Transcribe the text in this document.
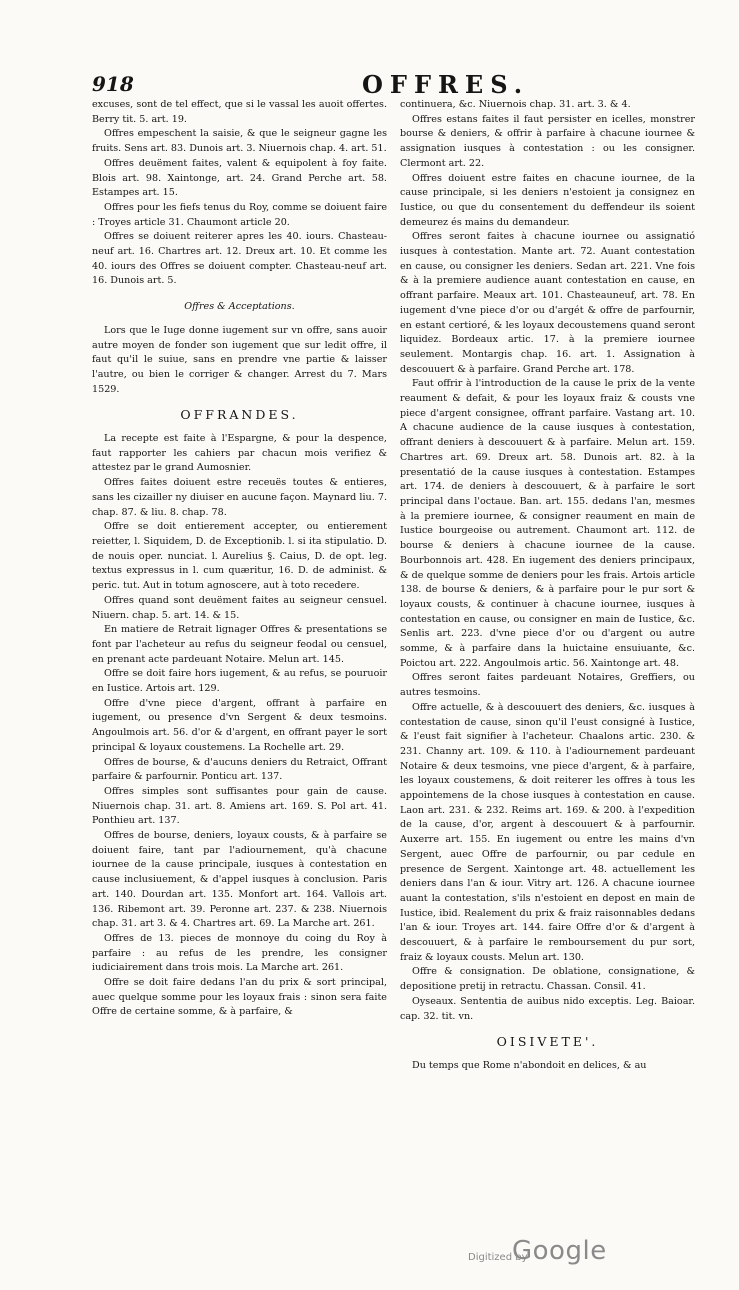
918	OFFRES.

excuses, sont de tel effect, que si le vassal les auoit offertes. Berry tit. 5. art. 19.

Offres empeschent la saisie, & que le seigneur gagne les fruits. Sens art. 83. Dunois art. 3. Niuernois chap. 4. art. 51.

Offres deuëment faites, valent & equipolent à foy faite. Blois art. 98. Xaintonge, art. 24. Grand Perche art. 58. Estampes art. 15.

Offres pour les fiefs tenus du Roy, comme se doiuent faire : Troyes article 31. Chaumont article 20.

Offres se doiuent reiterer apres les 40. iours. Chasteau-neuf art. 16. Chartres art. 12. Dreux art. 10. Et comme les 40. iours des Offres se doiuent compter. Chasteau-neuf art. 16. Dunois art. 5.

Offres & Acceptations.

Lors que le Iuge donne iugement sur vn offre, sans auoir autre moyen de fonder son iugement que sur ledit offre, il faut qu'il le suiue, sans en prendre vne partie & laisser l'autre, ou bien le corriger & changer. Arrest du 7. Mars 1529.

OFFRANDES.

La recepte est faite à l'Espargne, & pour la despence, faut rapporter les cahiers par chacun mois verifiez & attestez par le grand Aumosnier.

Offres faites doiuent estre receuës toutes & entieres, sans les cizailler ny diuiser en aucune façon. Maynard liu. 7. chap. 87. & liu. 8. chap. 78.

Offre se doit entierement accepter, ou entierement reietter, l. Siquidem, D. de Exceptionib. l. si ita stipulatio. D. de nouis oper. nunciat. l. Aurelius §. Caius, D. de opt. leg. textus expressus in l. cum quæritur, 16. D. de administ. & peric. tut. Aut in totum agnoscere, aut à toto recedere.

Offres quand sont deuëment faites au seigneur censuel. Niuern. chap. 5. art. 14. & 15.

En matiere de Retrait lignager Offres & presentations se font par l'acheteur au refus du seigneur feodal ou censuel, en prenant acte pardeuant Notaire. Melun art. 145.

Offre se doit faire hors iugement, & au refus, se pouruoir en Iustice. Artois art. 129.

Offre d'vne piece d'argent, offrant à parfaire en iugement, ou presence d'vn Sergent & deux tesmoins. Angoulmois art. 56. d'or & d'argent, en offrant payer le sort principal & loyaux coustemens. La Rochelle art. 29.

Offres de bourse, & d'aucuns deniers du Retraict, Offrant parfaire & parfournir. Ponticu art. 137.

Offres simples sont suffisantes pour gain de cause. Niuernois chap. 31. art. 8. Amiens art. 169. S. Pol art. 41. Ponthieu art. 137.

Offres de bourse, deniers, loyaux cousts, & à parfaire se doiuent faire, tant par l'adiournement, qu'à chacune iournee de la cause principale, iusques à contestation en cause inclusiuement, & d'appel iusques à conclusion. Paris art. 140. Dourdan art. 135. Monfort art. 164. Vallois art. 136. Ribemont art. 39. Peronne art. 237. & 238. Niuernois chap. 31. art 3. & 4. Chartres art. 69. La Marche art. 261.

Offres de 13. pieces de monnoye du coing du Roy à parfaire : au refus de les prendre, les consigner iudiciairement dans trois mois. La Marche art. 261.

Offre se doit faire dedans l'an du prix & sort principal, auec quelque somme pour les loyaux frais : sinon sera faite Offre de certaine somme, & à parfaire, &

continuera, &c. Niuernois chap. 31. art. 3. & 4.

Offres estans faites il faut persister en icelles, monstrer bourse & deniers, & offrir à parfaire à chacune iournee & assignation iusques à contestation : ou les consigner. Clermont art. 22.

Offres doiuent estre faites en chacune iournee, de la cause principale, si les deniers n'estoient ja consignez en Iustice, ou que du consentement du deffendeur ils soient demeurez és mains du demandeur.

Offres seront faites à chacune iournee ou assignatió iusques à contestation. Mante art. 72. Auant contestation en cause, ou consigner les deniers. Sedan art. 221. Vne fois & à la premiere audience auant contestation en cause, en offrant parfaire. Meaux art. 101. Chasteauneuf, art. 78. En iugement d'vne piece d'or ou d'argét & offre de parfournir, en estant certioré, & les loyaux decoustemens quand seront liquidez. Bordeaux artic. 17. à la premiere iournee seulement. Montargis chap. 16. art. 1. Assignation à descouuert & à parfaire. Grand Perche art. 178.

Faut offrir à l'introduction de la cause le prix de la vente reaument & defait, & pour les loyaux fraiz & cousts vne piece d'argent consignee, offrant parfaire. Vastang art. 10. A chacune audience de la cause iusques à contestation, offrant deniers à descouuert & à parfaire. Melun art. 159. Chartres art. 69. Dreux art. 58. Dunois art. 82. à la presentatió de la cause iusques à contestation. Estampes art. 174. de deniers à descouuert, & à parfaire le sort principal dans l'octaue. Ban. art. 155. dedans l'an, mesmes à la premiere iournee, & consigner reaument en main de Iustice bourgeoise ou autrement. Chaumont art. 112. de bourse & deniers à chacune iournee de la cause. Bourbonnois art. 428. En iugement des deniers principaux, & de quelque somme de deniers pour les frais. Artois article 138. de bourse & deniers, & à parfaire pour le pur sort & loyaux cousts, & continuer à chacune iournee, iusques à contestation en cause, ou consigner en main de Iustice, &c. Senlis art. 223. d'vne piece d'or ou d'argent ou autre somme, & à parfaire dans la huictaine ensuiuante, &c. Poictou art. 222. Angoulmois artic. 56. Xaintonge art. 48.

Offres seront faites pardeuant Notaires, Greffiers, ou autres tesmoins.

Offre actuelle, & à descouuert des deniers, &c. iusques à contestation de cause, sinon qu'il l'eust consigné à Iustice, & l'eust fait signifier à l'acheteur. Chaalons artic. 230. & 231. Channy art. 109. & 110. à l'adiournement pardeuant Notaire & deux tesmoins, vne piece d'argent, & à parfaire, les loyaux coustemens, & doit reiterer les offres à tous les appointemens de la chose iusques à contestation en cause. Laon art. 231. & 232. Reims art. 169. & 200. à l'expedition de la cause, d'or, argent à descouuert & à parfournir. Auxerre art. 155. En iugement ou entre les mains d'vn Sergent, auec Offre de parfournir, ou par cedule en presence de Sergent. Xaintonge art. 48. actuellement les deniers dans l'an & iour. Vitry art. 126. A chacune iournee auant la contestation, s'ils n'estoient en depost en main de Iustice, ibid. Realement du prix & fraiz raisonnables dedans l'an & iour. Troyes art. 144. faire Offre d'or & d'argent à descouuert, & à parfaire le remboursement du pur sort, fraiz & loyaux cousts. Melun art. 130.

Offre & consignation. De oblatione, consignatione, & depositione pretij in retractu. Chassan. Consil. 41.

Oyseaux. Sententia de auibus nido exceptis. Leg. Baioar. cap. 32. tit. vn.

OISIVETE'.

Du temps que Rome n'abondoit en delices, & au

Digitized by
Google
